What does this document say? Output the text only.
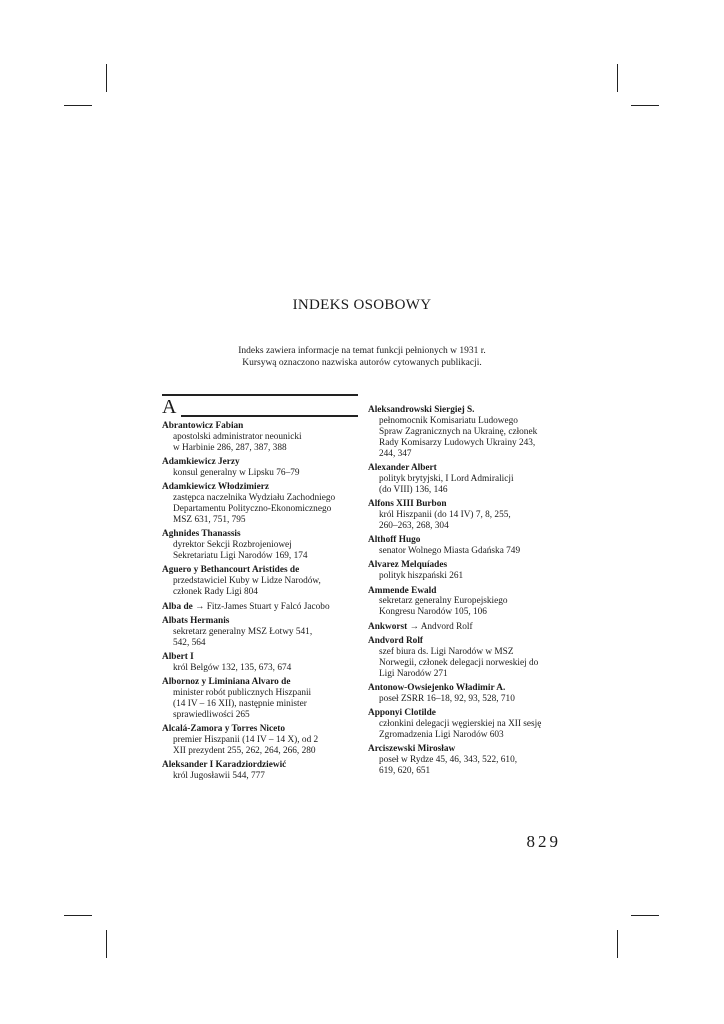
INDEKS OSOBOWY
Indeks zawiera informacje na temat funkcji pełnionych w 1931 r.
Kursywą oznaczono nazwiska autorów cytowanych publikacji.
A
Abrantowicz Fabian
apostolski administrator neounicki
w Harbinie 286, 287, 387, 388
Adamkiewicz Jerzy
konsul generalny w Lipsku 76–79
Adamkiewicz Włodzimierz
zastępca naczelnika Wydziału Zachodniego
Departamentu Polityczno-Ekonomicznego
MSZ 631, 751, 795
Aghnides Thanassis
dyrektor Sekcji Rozbrojeniowej
Sekretariatu Ligi Narodów 169, 174
Aguero y Bethancourt Aristides de
przedstawiciel Kuby w Lidze Narodów,
członek Rady Ligi 804
Alba de → Fitz-James Stuart y Falcó Jacobo
Albats Hermanis
sekretarz generalny MSZ Łotwy 541,
542, 564
Albert I
król Belgów 132, 135, 673, 674
Albornoz y Liminiana Alvaro de
minister robót publicznych Hiszpanii
(14 IV – 16 XII), następnie minister
sprawiedliwości 265
Alcalá-Zamora y Torres Niceto
premier Hiszpanii (14 IV – 14 X), od 2
XII prezydent 255, 262, 264, 266, 280
Aleksander I Karadziordziewić
król Jugosławii 544, 777
Aleksandrowski Siergiej S.
pełnomocnik Komisariatu Ludowego
Spraw Zagranicznych na Ukrainę, członek
Rady Komisarzy Ludowych Ukrainy 243,
244, 347
Alexander Albert
polityk brytyjski, I Lord Admiralicji
(do VIII) 136, 146
Alfons XIII Burbon
król Hiszpanii (do 14 IV) 7, 8, 255,
260–263, 268, 304
Althoff Hugo
senator Wolnego Miasta Gdańska 749
Alvarez Melquíades
polityk hiszpański 261
Ammende Ewald
sekretarz generalny Europejskiego
Kongresu Narodów 105, 106
Ankworst → Andvord Rolf
Andvord Rolf
szef biura ds. Ligi Narodów w MSZ
Norwegii, członek delegacji norweskiej do
Ligi Narodów 271
Antonow-Owsiejenko Władimir A.
poseł ZSRR 16–18, 92, 93, 528, 710
Apponyi Clotilde
członkini delegacji węgierskiej na XII sesję
Zgromadzenia Ligi Narodów 603
Arciszewski Mirosław
poseł w Rydze 45, 46, 343, 522, 610,
619, 620, 651
829
